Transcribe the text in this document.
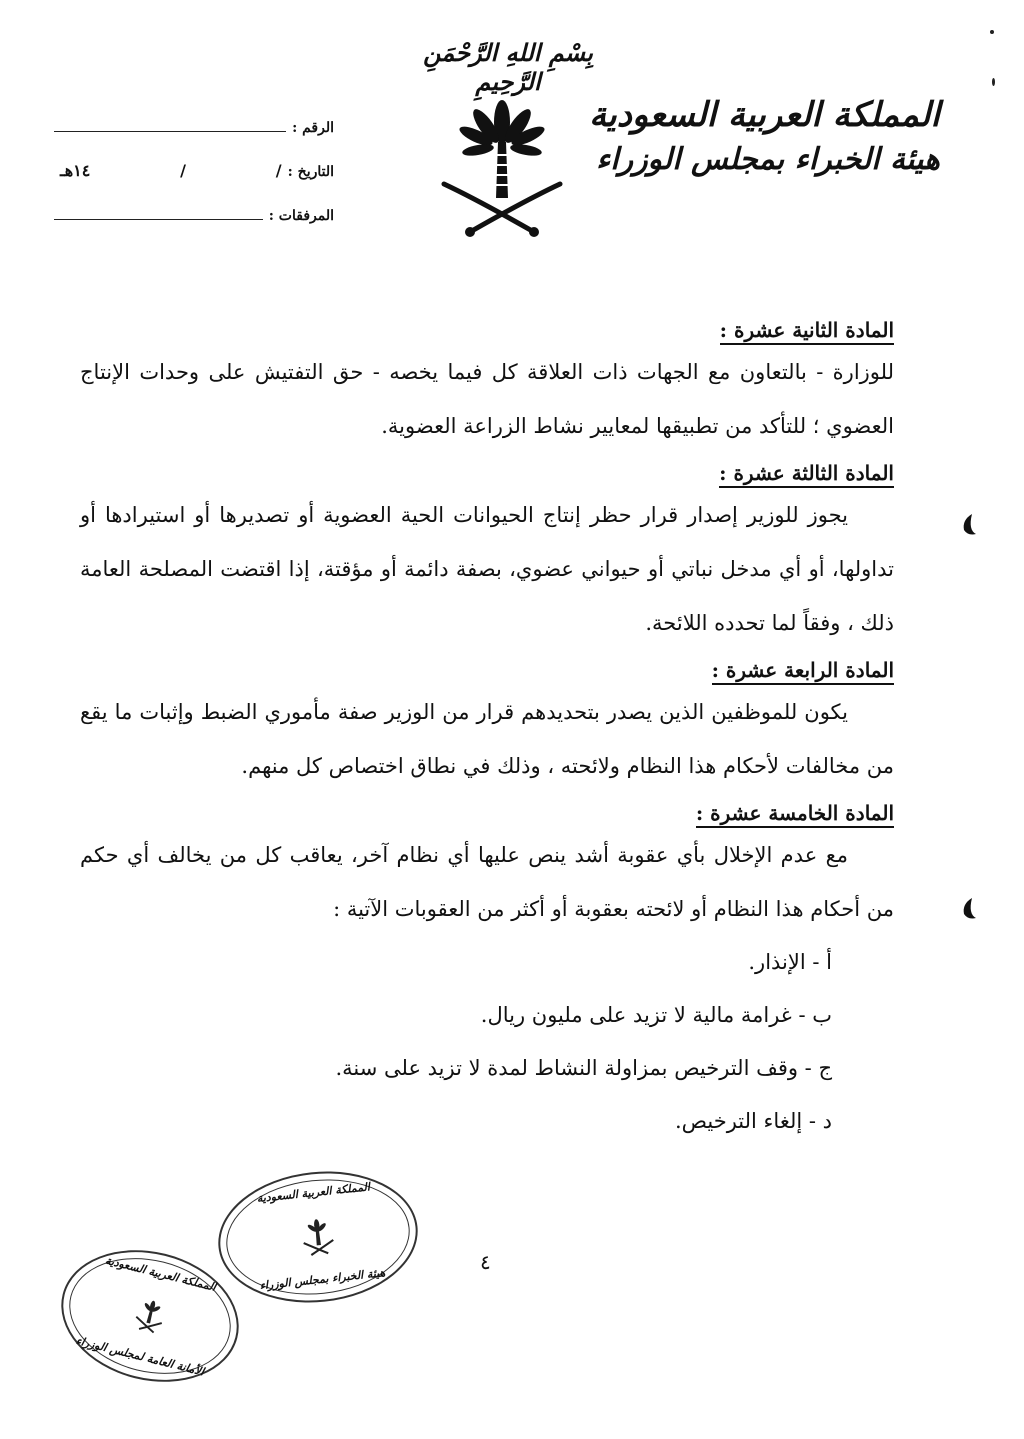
بِسْمِ اللهِ الرَّحْمَنِ الرَّحِيمِ
المملكة العربية السعودية
هيئة الخبراء بمجلس الوزراء
الرقم :
التاريخ :
/
/
١٤هـ
المرفقات :
المادة الثانية عشرة :

للوزارة - بالتعاون مع الجهات ذات العلاقة كل فيما يخصه - حق التفتيش على وحدات الإنتاج العضوي ؛ للتأكد من تطبيقها لمعايير نشاط الزراعة العضوية.

المادة الثالثة عشرة :

يجوز للوزير إصدار قرار حظر إنتاج الحيوانات الحية العضوية أو تصديرها أو استيرادها أو تداولها، أو أي مدخل نباتي أو حيواني عضوي، بصفة دائمة أو مؤقتة، إذا اقتضت المصلحة العامة ذلك ، وفقاً لما تحدده اللائحة.

المادة الرابعة عشرة :

يكون للموظفين الذين يصدر بتحديدهم قرار من الوزير صفة مأموري الضبط وإثبات ما يقع من مخالفات لأحكام هذا النظام ولائحته ، وذلك في نطاق اختصاص كل منهم.

المادة الخامسة عشرة :

مع عدم الإخلال بأي عقوبة أشد ينص عليها أي نظام آخر، يعاقب كل من يخالف أي حكم من أحكام هذا النظام أو لائحته بعقوبة أو أكثر من العقوبات الآتية :

أ - الإنذار.
ب - غرامة مالية لا تزيد على مليون ريال.
ج - وقف الترخيص بمزاولة النشاط لمدة لا تزيد على سنة.
د - إلغاء الترخيص.
٤
المملكة العربية السعودية
هيئة الخبراء بمجلس الوزراء
المملكة العربية السعودية
الأمانة العامة لمجلس الوزراء
